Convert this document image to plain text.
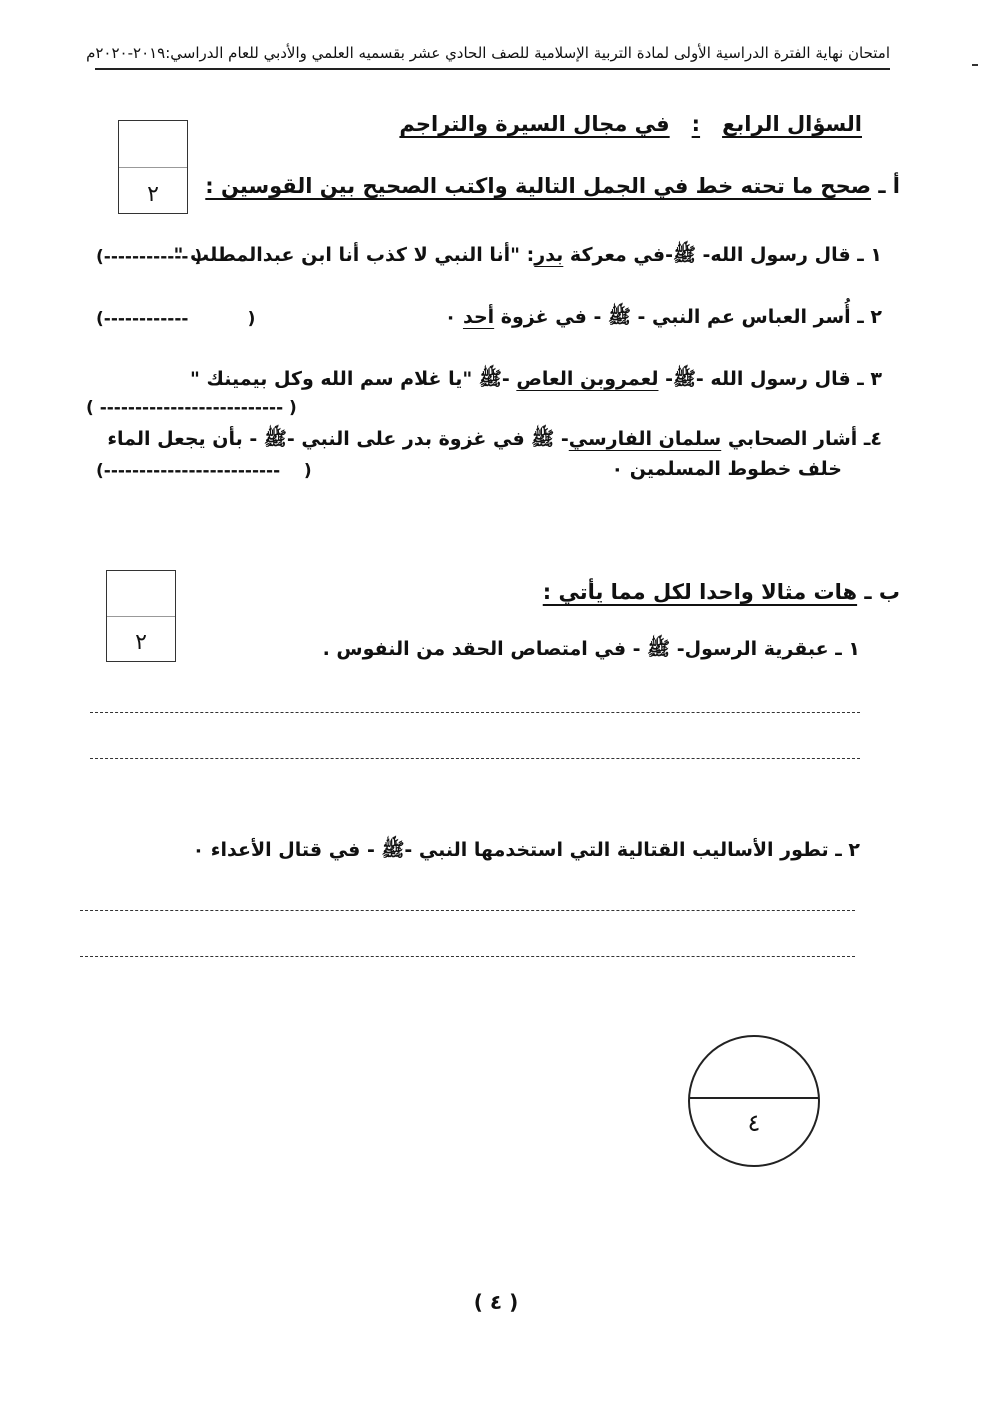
امتحان نهاية الفترة الدراسية الأولى لمادة التربية الإسلامية للصف الحادي عشر بقسميه العلمي والأدبي للعام الدراسي:٢٠١٩-٢٠٢٠م
السؤال الرابع:في مجال السيرة والتراجم
٢	أ ـ صحح ما تحته خط في الجمل التالية واكتب الصحيح بين القوسين :
١ ـ قال رسول الله- ﷺ-في معركة بدر: "أنا النبي لا كذب أنا ابن عبدالمطلب "
(------------ )
٢ ـ أُسر العباس عم النبي - ﷺ - في غزوة أحد ٠
(------------          )
٣ ـ قال رسول الله -ﷺ- لعمروبن العاص -ﷺ "يا غلام سم الله وكل بيمينك "
( -------------------------- )
٤ـ أشار الصحابي سلمان الفارسي- ﷺ في غزوة بدر على النبي -ﷺ - بأن يجعل الماء
خلف خطوط المسلمين ٠
(-------------------------    )
٢
ب ـ هات مثالا واحدا لكل مما يأتي :
١ ـ عبقرية الرسول- ﷺ - في امتصاص الحقد من النفوس .
٢ ـ تطور الأساليب القتالية التي استخدمها النبي -ﷺ - في قتال الأعداء ٠
٤
( ٤ )
